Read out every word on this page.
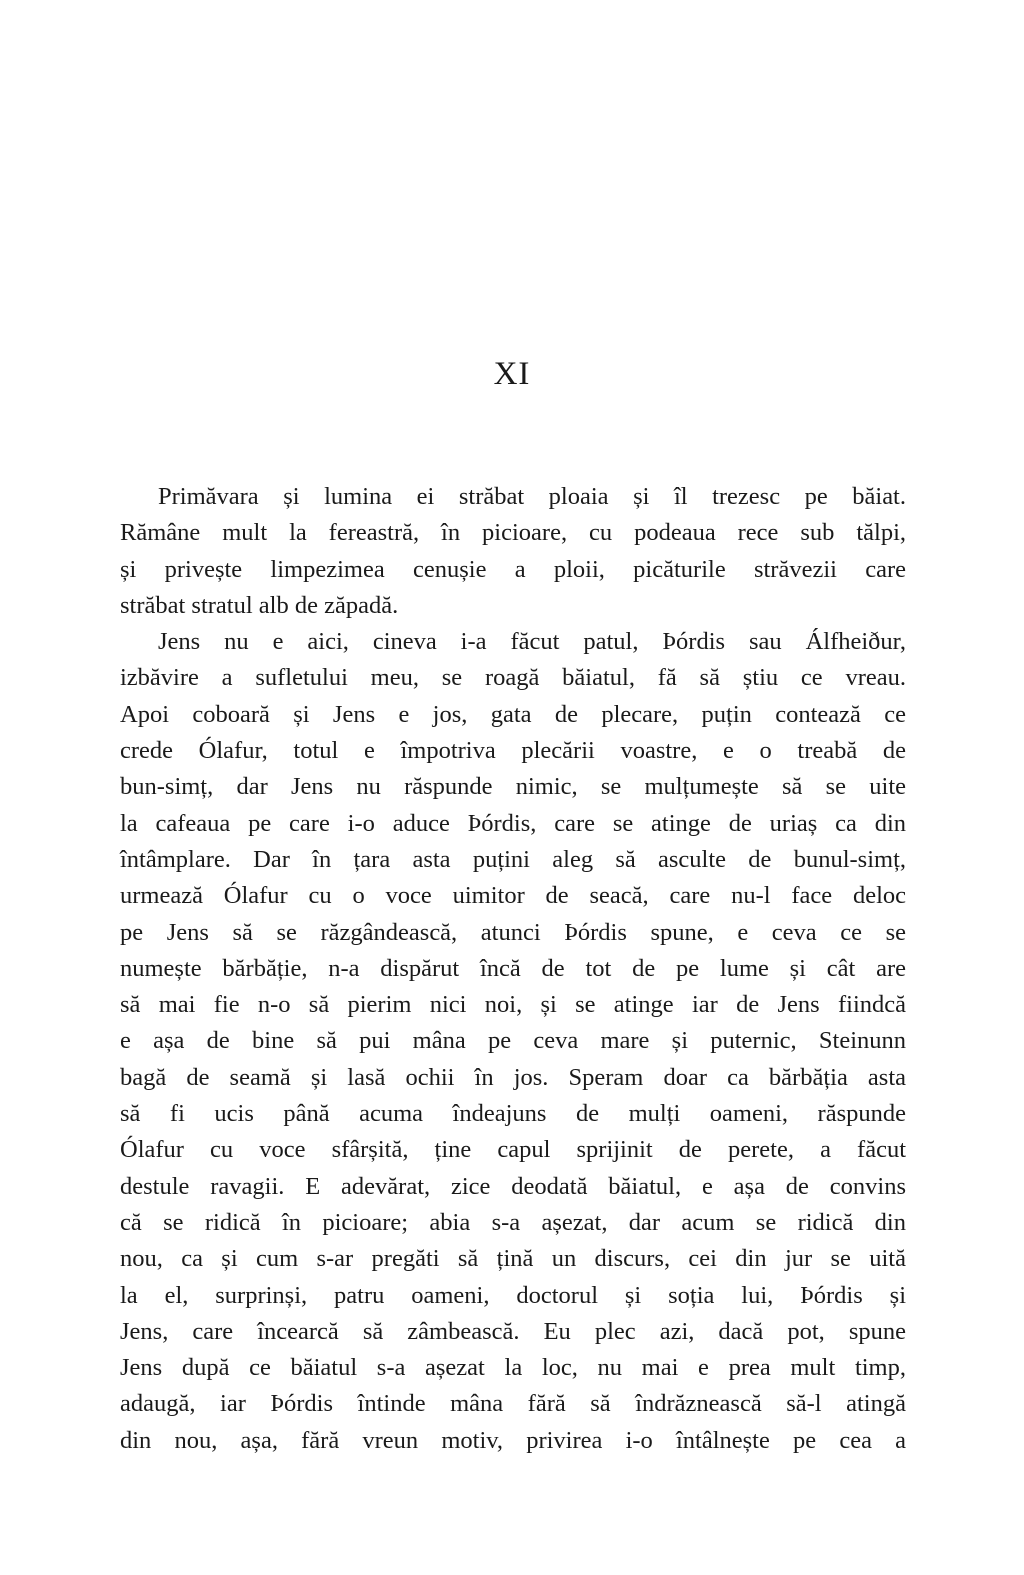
XI
Primăvara și lumina ei străbat ploaia și îl trezesc pe băiat.
Rămâne mult la fereastră, în picioare, cu podeaua rece sub tălpi,
și privește limpezimea cenușie a ploii, picăturile străvezii care
străbat stratul alb de zăpadă.
Jens nu e aici, cineva i-a făcut patul, Þórdis sau Álfheiður,
izbăvire a sufletului meu, se roagă băiatul, fă să știu ce vreau.
Apoi coboară și Jens e jos, gata de plecare, puțin contează ce
crede Ólafur, totul e împotriva plecării voastre, e o treabă de
bun-simț, dar Jens nu răspunde nimic, se mulțumește să se uite
la cafeaua pe care i-o aduce Þórdis, care se atinge de uriaș ca din
întâmplare. Dar în țara asta puțini aleg să asculte de bunul-simț,
urmează Ólafur cu o voce uimitor de seacă, care nu-l face deloc
pe Jens să se răzgândească, atunci Þórdis spune, e ceva ce se
numește bărbăție, n-a dispărut încă de tot de pe lume și cât are
să mai fie n-o să pierim nici noi, și se atinge iar de Jens fiindcă
e așa de bine să pui mâna pe ceva mare și puternic, Steinunn
bagă de seamă și lasă ochii în jos. Speram doar ca bărbăția asta
să fi ucis până acuma îndeajuns de mulți oameni, răspunde
Ólafur cu voce sfârșită, ține capul sprijinit de perete, a făcut
destule ravagii. E adevărat, zice deodată băiatul, e așa de convins
că se ridică în picioare; abia s-a așezat, dar acum se ridică din
nou, ca și cum s-ar pregăti să țină un discurs, cei din jur se uită
la el, surprinși, patru oameni, doctorul și soția lui, Þórdis și
Jens, care încearcă să zâmbească. Eu plec azi, dacă pot, spune
Jens după ce băiatul s-a așezat la loc, nu mai e prea mult timp,
adaugă, iar Þórdis întinde mâna fără să îndrăznească să-l atingă
din nou, așa, fără vreun motiv, privirea i-o întâlnește pe cea a
